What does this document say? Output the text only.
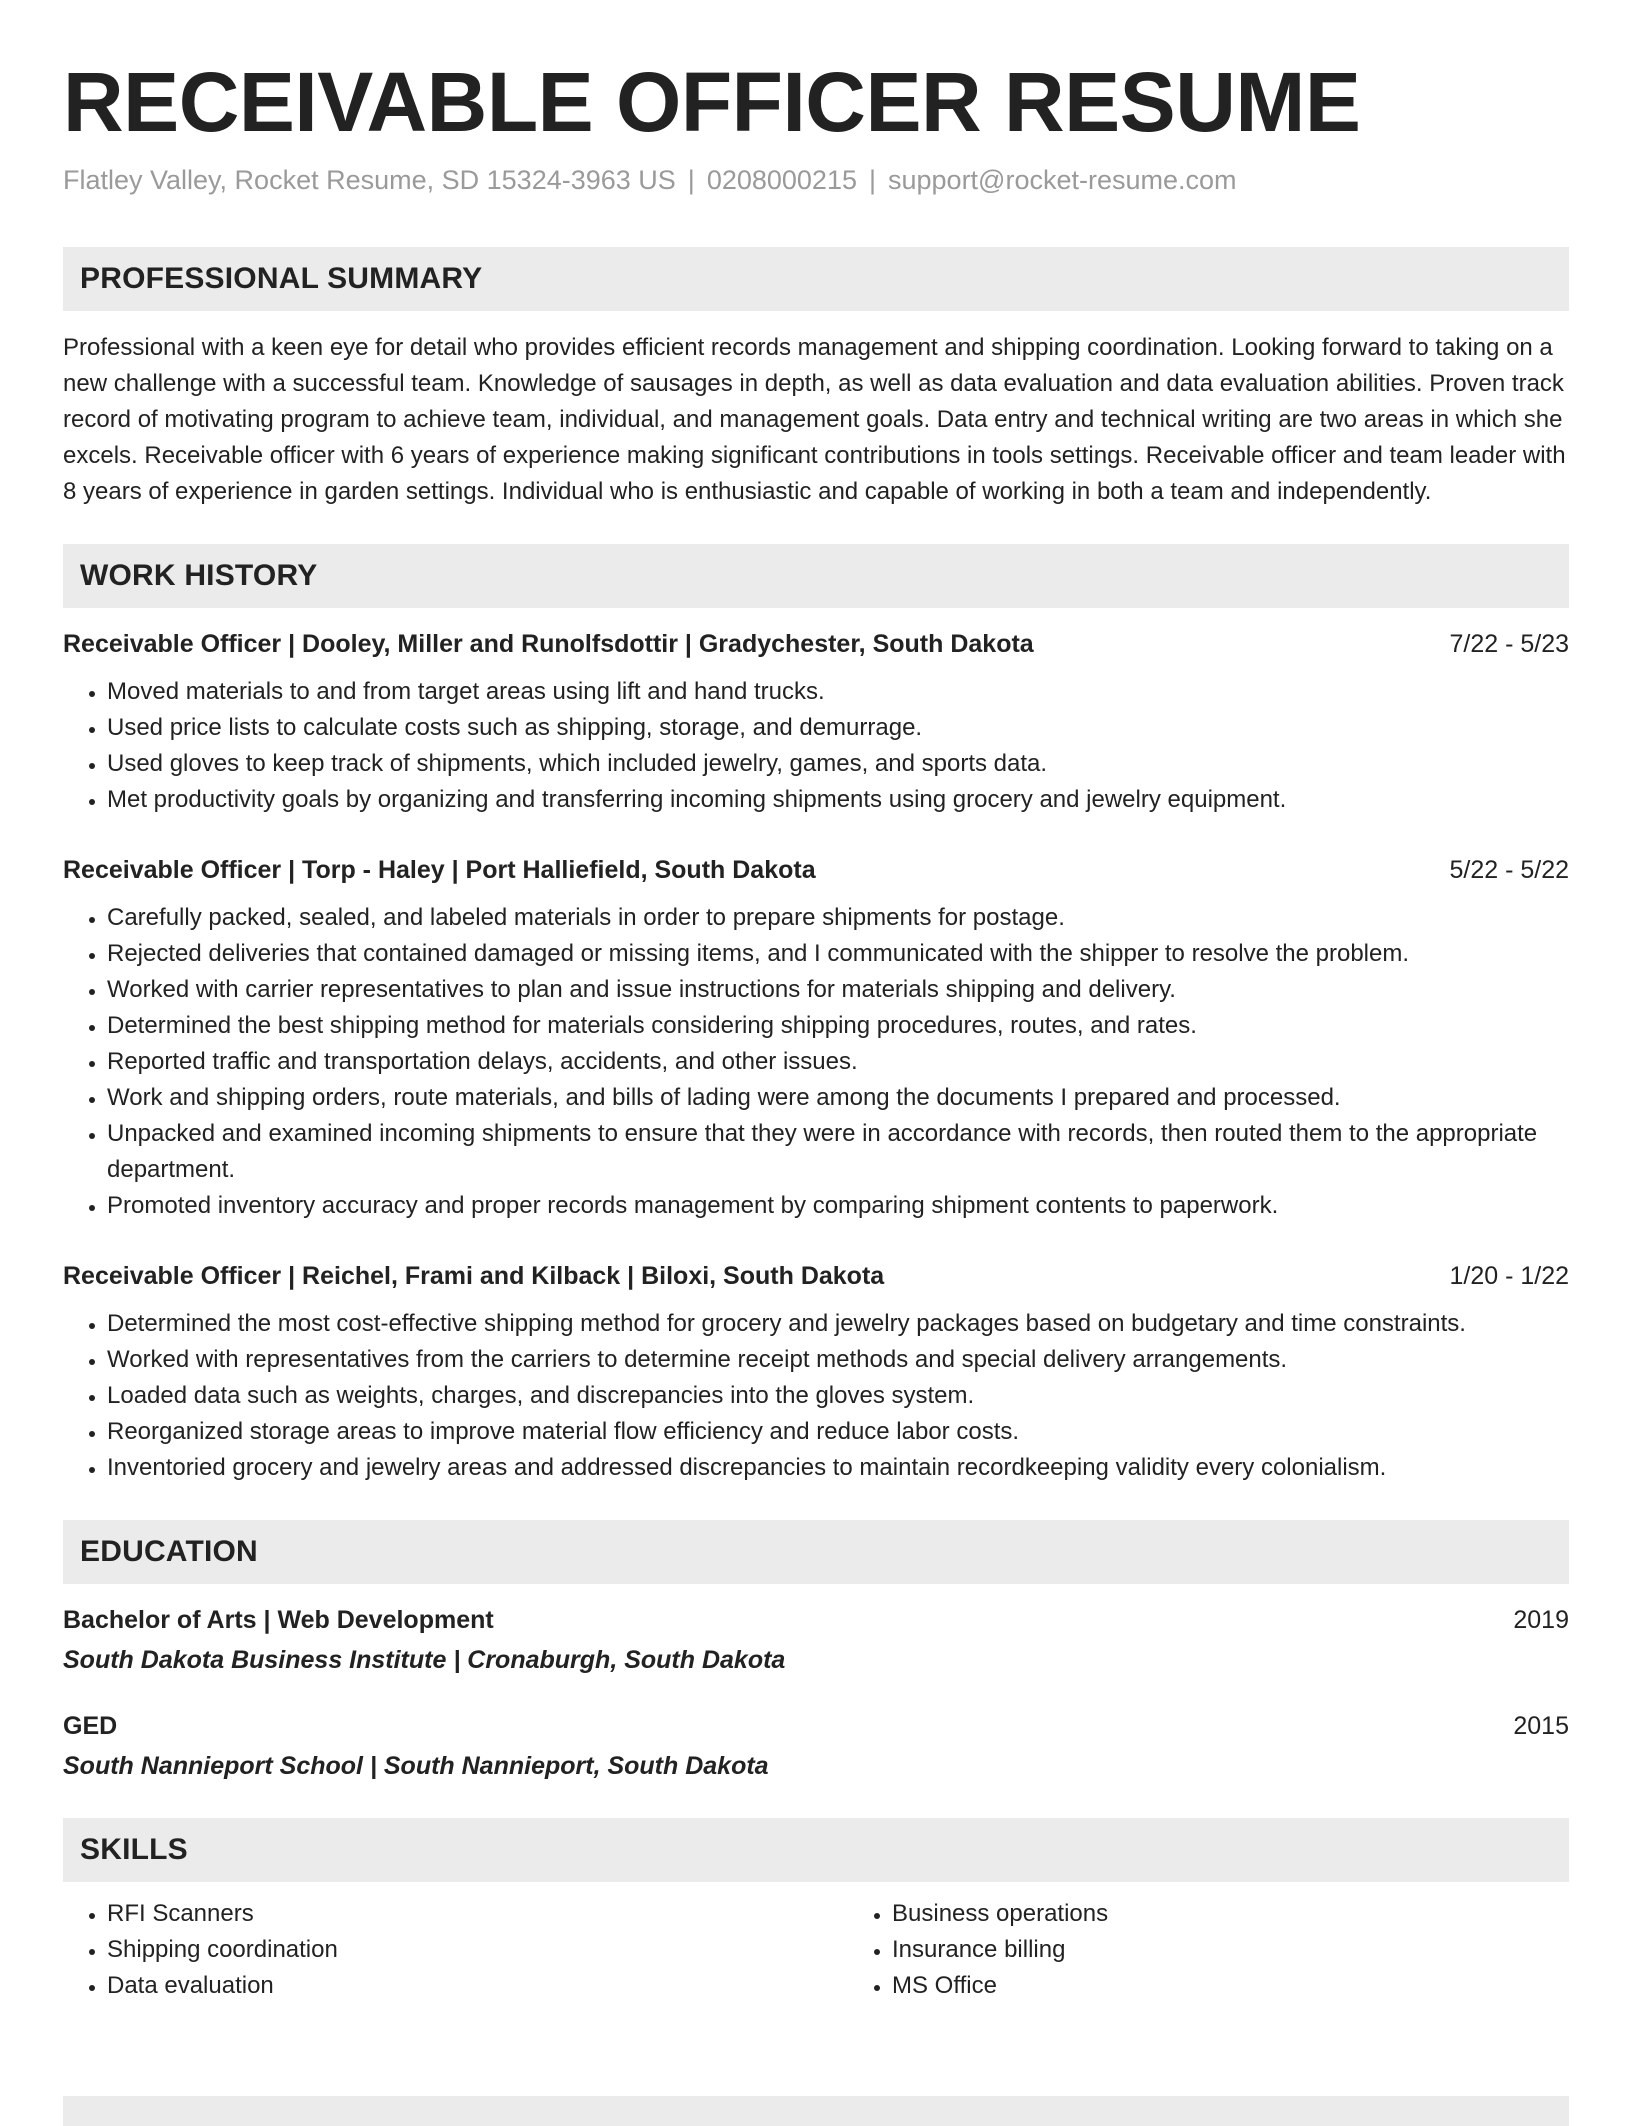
RECEIVABLE OFFICER RESUME
Flatley Valley, Rocket Resume, SD 15324-3963 US | 0208000215 | support@rocket-resume.com
PROFESSIONAL SUMMARY

Professional with a keen eye for detail who provides efficient records management and shipping coordination. Looking forward to taking on a new challenge with a successful team. Knowledge of sausages in depth, as well as data evaluation and data evaluation abilities. Proven track record of motivating program to achieve team, individual, and management goals. Data entry and technical writing are two areas in which she excels. Receivable officer with 6 years of experience making significant contributions in tools settings. Receivable officer and team leader with 8 years of experience in garden settings. Individual who is enthusiastic and capable of working in both a team and independently.

WORK HISTORY
Receivable Officer | Dooley, Miller and Runolfsdottir | Gradychester, South Dakota	7/22 - 5/23
• Moved materials to and from target areas using lift and hand trucks.
• Used price lists to calculate costs such as shipping, storage, and demurrage.
• Used gloves to keep track of shipments, which included jewelry, games, and sports data.
• Met productivity goals by organizing and transferring incoming shipments using grocery and jewelry equipment.
Receivable Officer | Torp - Haley | Port Halliefield, South Dakota	5/22 - 5/22
• Carefully packed, sealed, and labeled materials in order to prepare shipments for postage.
• Rejected deliveries that contained damaged or missing items, and I communicated with the shipper to resolve the problem.
• Worked with carrier representatives to plan and issue instructions for materials shipping and delivery.
• Determined the best shipping method for materials considering shipping procedures, routes, and rates.
• Reported traffic and transportation delays, accidents, and other issues.
• Work and shipping orders, route materials, and bills of lading were among the documents I prepared and processed.
• Unpacked and examined incoming shipments to ensure that they were in accordance with records, then routed them to the appropriate department.
• Promoted inventory accuracy and proper records management by comparing shipment contents to paperwork.
Receivable Officer | Reichel, Frami and Kilback | Biloxi, South Dakota	1/20 - 1/22
• Determined the most cost-effective shipping method for grocery and jewelry packages based on budgetary and time constraints.
• Worked with representatives from the carriers to determine receipt methods and special delivery arrangements.
• Loaded data such as weights, charges, and discrepancies into the gloves system.
• Reorganized storage areas to improve material flow efficiency and reduce labor costs.
• Inventoried grocery and jewelry areas and addressed discrepancies to maintain recordkeeping validity every colonialism.
EDUCATION
Bachelor of Arts | Web Development	2019
South Dakota Business Institute | Cronaburgh, South Dakota
GED	2015
South Nannieport School | South Nannieport, South Dakota
SKILLS
• RFI Scanners
• Shipping coordination
• Data evaluation
• Business operations
• Insurance billing
• MS Office
